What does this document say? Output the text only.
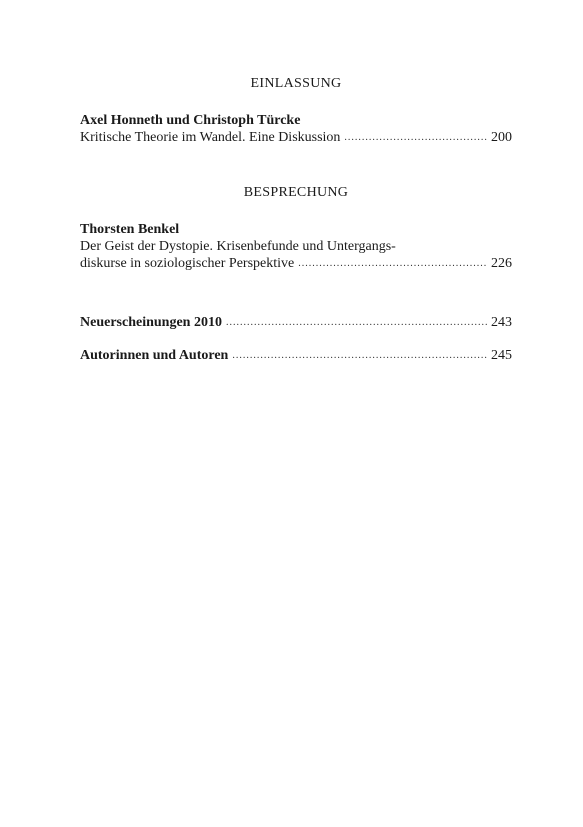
EINLASSUNG
Axel Honneth und Christoph Türcke
Kritische Theorie im Wandel. Eine Diskussion .....	200
BESPRECHUNG
Thorsten Benkel
Der Geist der Dystopie. Krisenbefunde und Untergangs-
diskurse in soziologischer Perspektive .....	226
Neuerscheinungen 2010 .....	243
Autorinnen und Autoren .....	245
